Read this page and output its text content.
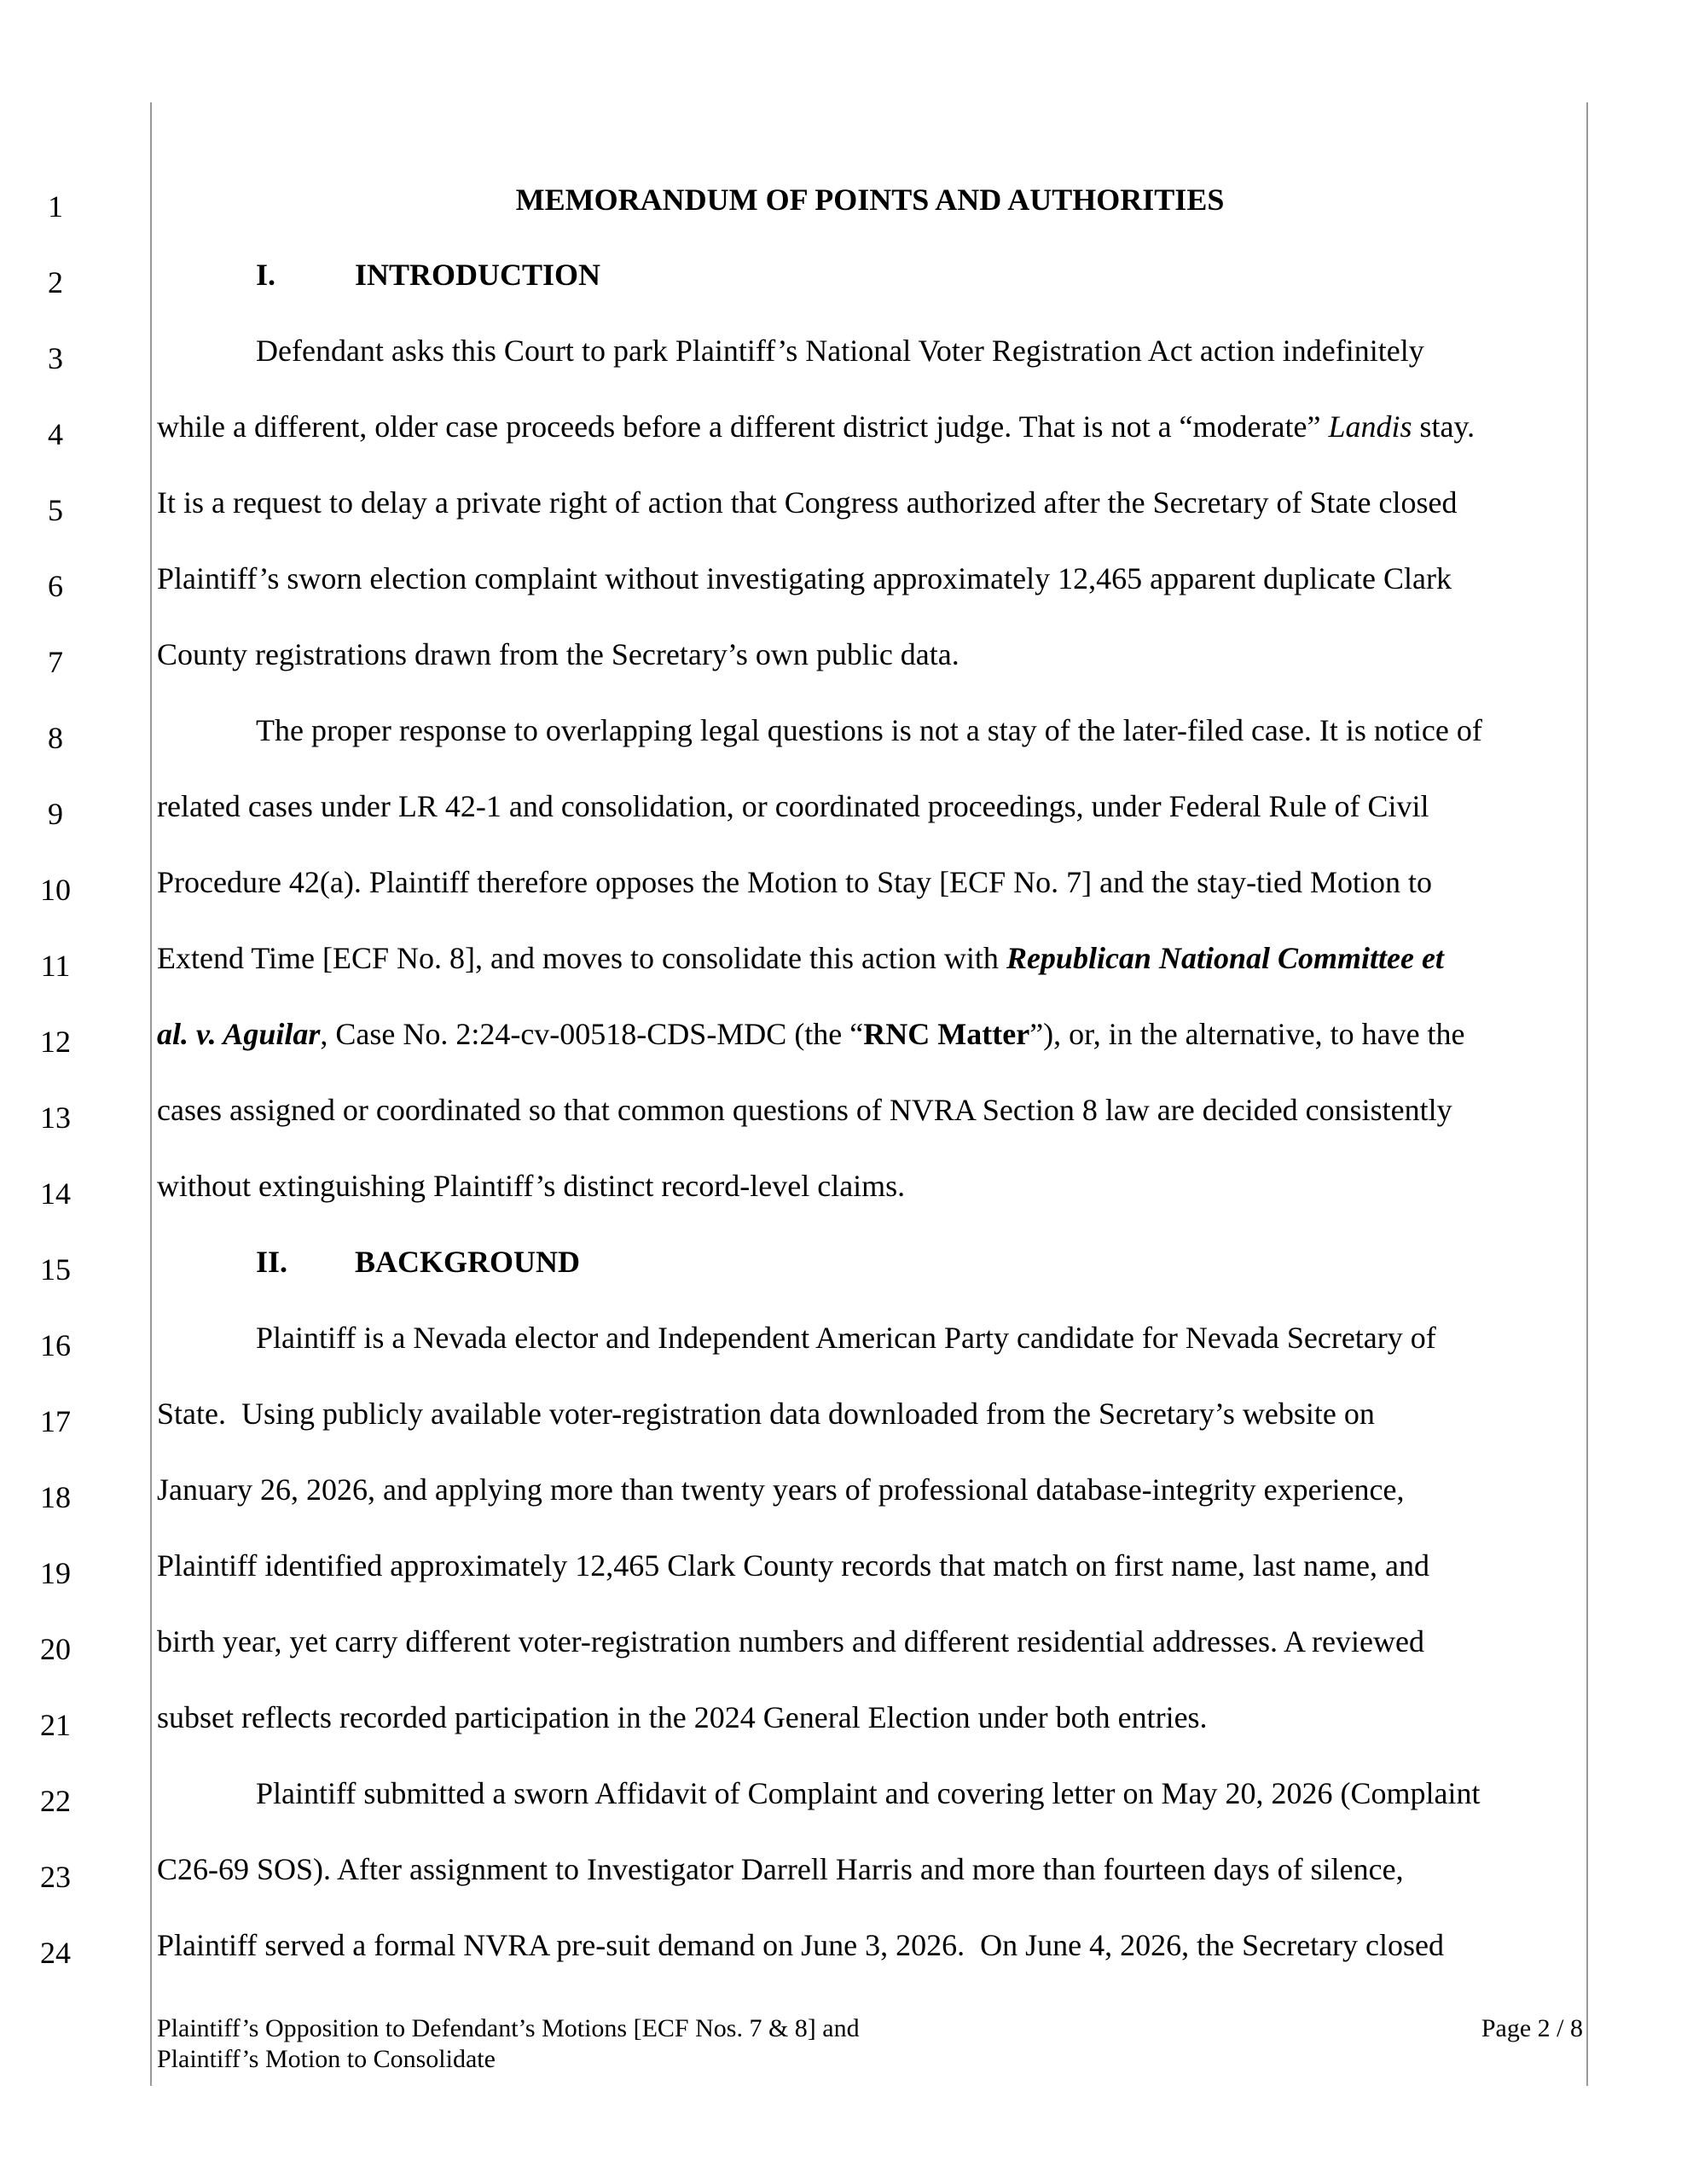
1
2
3
4
5
6
7
8
9
10
11
12
13
14
15
16
17
18
19
20
21
22
23
24
MEMORANDUM OF POINTS AND AUTHORITIES
I.	INTRODUCTION
Defendant asks this Court to park Plaintiff’s National Voter Registration Act action indefinitely
while a different, older case proceeds before a different district judge. That is not a “moderate” Landis stay.
It is a request to delay a private right of action that Congress authorized after the Secretary of State closed
Plaintiff’s sworn election complaint without investigating approximately 12,465 apparent duplicate Clark
County registrations drawn from the Secretary’s own public data.
The proper response to overlapping legal questions is not a stay of the later-filed case. It is notice of
related cases under LR 42-1 and consolidation, or coordinated proceedings, under Federal Rule of Civil
Procedure 42(a). Plaintiff therefore opposes the Motion to Stay [ECF No. 7] and the stay-tied Motion to
Extend Time [ECF No. 8], and moves to consolidate this action with Republican National Committee et
al. v. Aguilar, Case No. 2:24-cv-00518-CDS-MDC (the “RNC Matter”), or, in the alternative, to have the
cases assigned or coordinated so that common questions of NVRA Section 8 law are decided consistently
without extinguishing Plaintiff’s distinct record-level claims.
II. BACKGROUND
Plaintiff is a Nevada elector and Independent American Party candidate for Nevada Secretary of
State.  Using publicly available voter-registration data downloaded from the Secretary’s website on
January 26, 2026, and applying more than twenty years of professional database-integrity experience,
Plaintiff identified approximately 12,465 Clark County records that match on first name, last name, and
birth year, yet carry different voter-registration numbers and different residential addresses. A reviewed
subset reflects recorded participation in the 2024 General Election under both entries.
Plaintiff submitted a sworn Affidavit of Complaint and covering letter on May 20, 2026 (Complaint
C26-69 SOS). After assignment to Investigator Darrell Harris and more than fourteen days of silence,
Plaintiff served a formal NVRA pre-suit demand on June 3, 2026.  On June 4, 2026, the Secretary closed
Plaintiff’s Opposition to Defendant’s Motions [ECF Nos. 7 & 8] and
Plaintiff’s Motion to Consolidate
Page 2 / 8
